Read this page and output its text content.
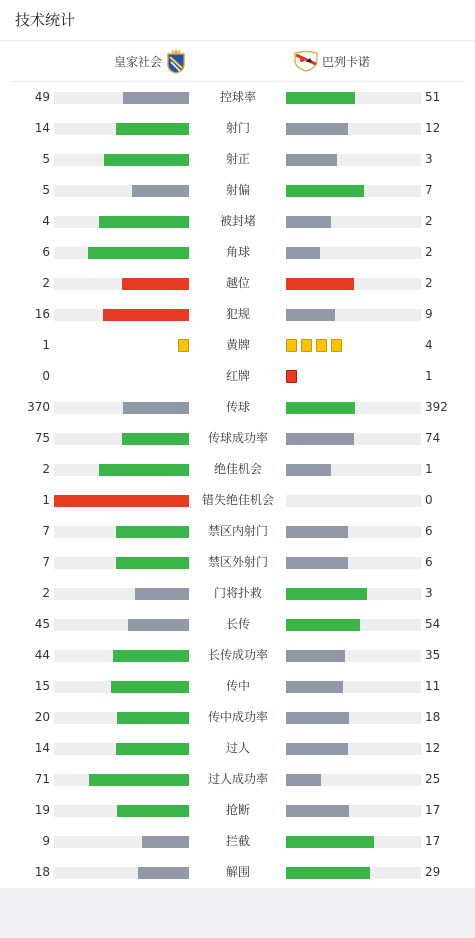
技术统计
皇家社会	巴列卡诺
49	控球率	51
14	射门	12
5	射正	3
5	射偏	7
4	被封堵	2
6	角球	2
2	越位	2
16	犯规	9
1	黄牌	4
0	红牌	1
370	传球	392
75	传球成功率	74
2	绝佳机会	1
1	错失绝佳机会	0
7	禁区内射门	6
7	禁区外射门	6
2	门将扑救	3
45	长传	54
44	长传成功率	35
15	传中	11
20	传中成功率	18
14	过人	12
71	过人成功率	25
19	抢断	17
9	拦截	17
18	解围	29
